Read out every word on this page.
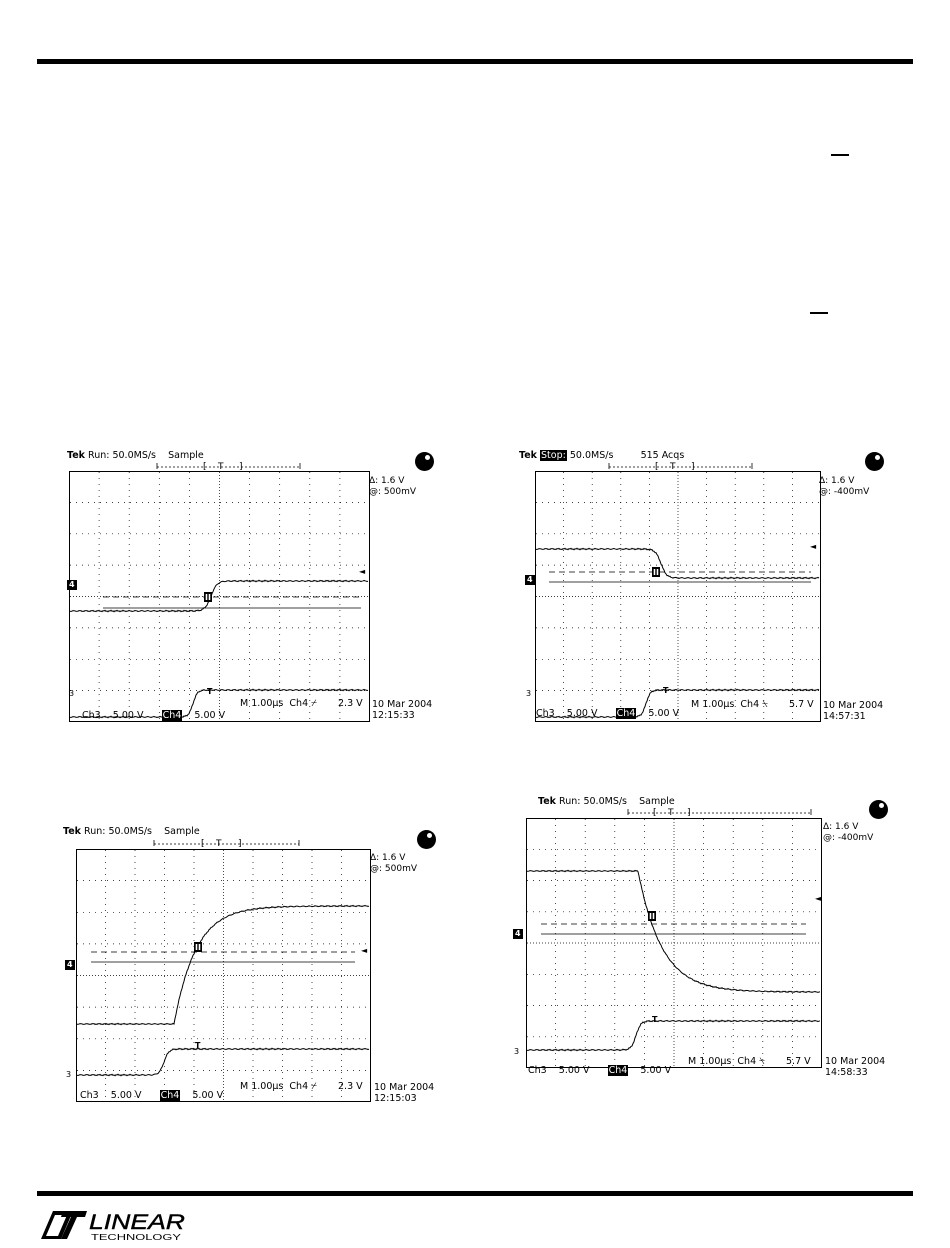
Tek Run: 50.0MS/s Sample
[ T ]
II
T
4
3
Δ: 1.6 V
@: 500mV
◄
Ch3 5.00 V Ch4 5.00 V
M 1.00µs Ch4 ⌿ 2.3 V 10 Mar 2004
12:15:33
Tek Stop: 50.0MS/s	515 Acqs
[ T ]
II
T
4
3
Δ: 1.6 V
@: -400mV
◄
Ch3 5.00 V Ch4 5.00 V
M 1.00µs Ch4 ⍀ 5.7 V 10 Mar 2004
14:57:31
Tek Run: 50.0MS/s Sample
[ T ]
II
T
4
3
Δ: 1.6 V
@: 500mV
◄
Ch3 5.00 V Ch4 5.00 V
M 1.00µs Ch4 ⌿ 2.3 V 10 Mar 2004
12:15:03
Tek Run: 50.0MS/s Sample
[ T ]
II
T
4
3
Δ: 1.6 V
@: -400mV
◄
Ch3 5.00 V Ch4 5.00 V
M 1.00µs Ch4 ⍀ 5.7 V 10 Mar 2004
14:58:33
LINEAR
TECHNOLOGY
